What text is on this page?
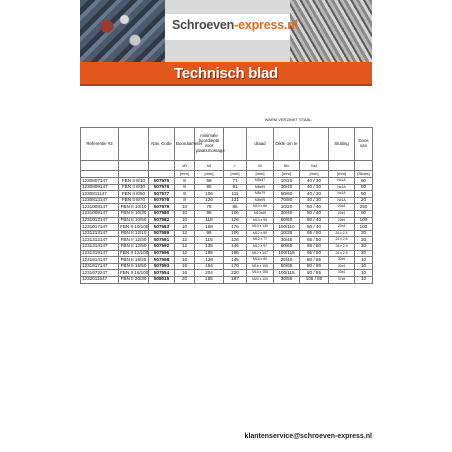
Schroeven-express.nl
Technisch blad
WARM VERZINKT STAAL
Referentie #2		Nav. Code	Boordiameter	minimale boordiepte voor plaatsmontage		draad	Dikte om te		Sluiting	Doos van
			d0	h0	l	M	tfix	hef		
			[mm]	[mm]	[mm]	[mm]	[mm]	[mm]	[mm]	[Stuks]
1230807147	FBN II 8/10	507575	8	68	71	M8x37	10/20	40 / 30	Nx1A	50
1230809147	FBN II 8/30	507576	8	86	91	M8x59	30/40	40 / 30	Nx1A	50
1230811147	FBN II 8/50	507577	8	106	111	M8x79	50/60	40 / 30	Nx1A	50
1230813147	FBN II 8/70	507578	8	126	131	M8x99	70/80	40 / 30	Nx1A	20
1231008147	FBN II 10/10	507579	10	76	86	M10 x 86	10/20	50 / 40	20x4	250
1231008147	FBN II 10/30	507580	10	98	106	M10x65	30/40	50 / 40	20x4	50
1231012147	FBN II 10/50	507582	10	118	126	M10 x 95	50/60	50 / 40	20x4	100
1231017147	FBN II 10/100	507583	10	168	176	M10 x 145	100/110	50 / 40	20x4	100
1231213147	FBN II 12/10	507589	12	96	106	M12 x 50	10/25	65 / 50	24 x 2.5	20
1231312147	FBN II 12/30	507591	12	115	126	M12 x 77	30/45	65 / 50	24 x 2.5	20
1231314147	FBN II 12/50	507592	12	135	146	M12 x 97	50/65	65 / 50	24 x 2.5	20
1231319147	FBN II 12/100	507596	12	185	196	M12 x 147	100/115	65 / 50	24 x 2.5	20
1231614147	FBN II 16/25	507598	16	128	145	M16 x 80	25/40	80 / 65	30x4	10
1231617147	FBN II 16/50	507593	16	154	170	M16 x 105	50/65	80 / 65	30x4	10
1231672247	FBN II 16/100	507554	16	204	220	M16 x 155	100/115	80 / 65	30x4	10
1232011647	FBN II 20/30	508015	20	165	187	M20 x 100	30/55	105 / 80	37x5	10
klantenservice@schroeven-express.nl
